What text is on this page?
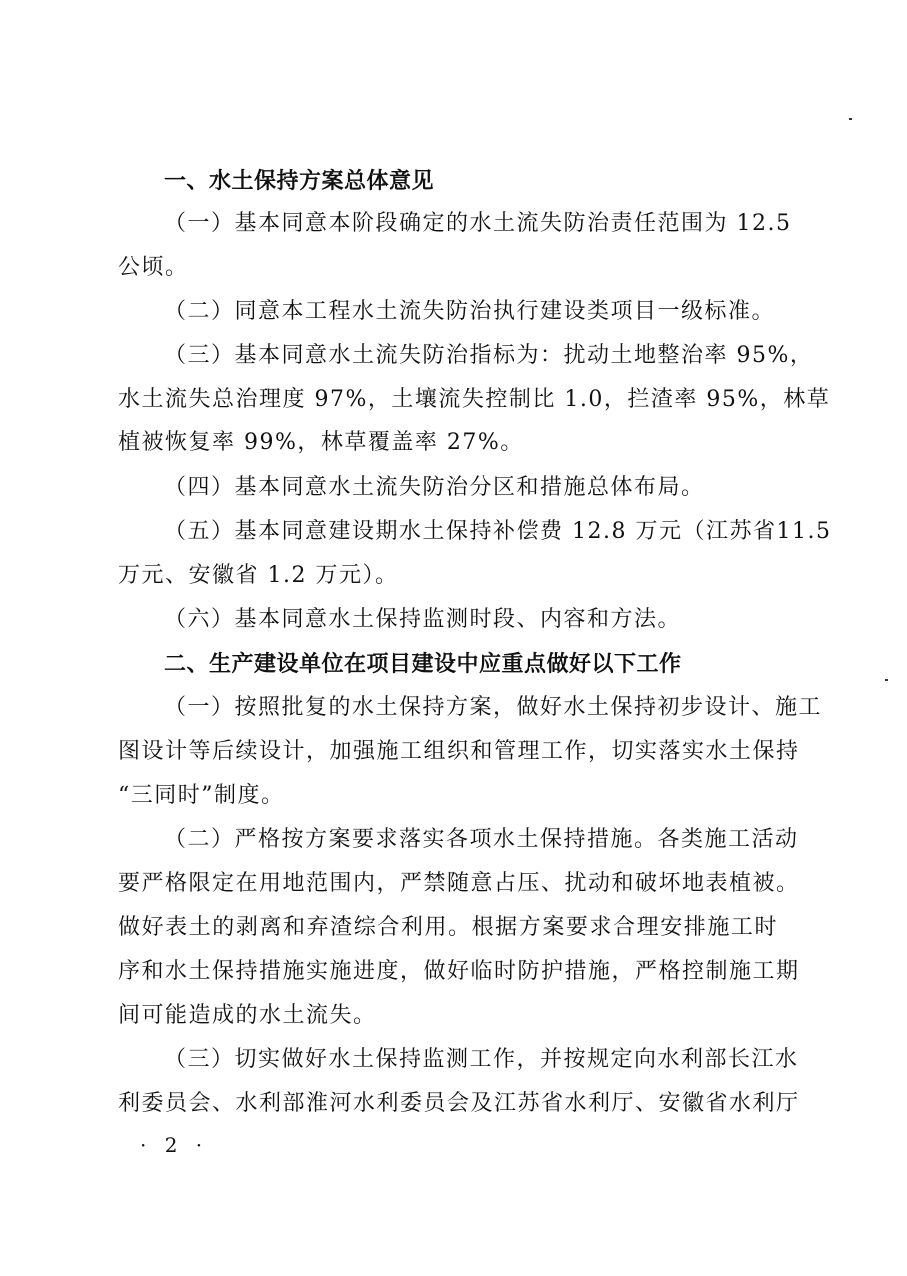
一、水土保持方案总体意见
（一）基本同意本阶段确定的水土流失防治责任范围为 12.5
公顷。
（二）同意本工程水土流失防治执行建设类项目一级标准。
（三）基本同意水土流失防治指标为：扰动土地整治率 95%，
水土流失总治理度 97%，土壤流失控制比 1.0，拦渣率 95%，林草
植被恢复率 99%，林草覆盖率 27%。
（四）基本同意水土流失防治分区和措施总体布局。
（五）基本同意建设期水土保持补偿费 12.8 万元（江苏省11.5
万元、安徽省 1.2 万元）。
（六）基本同意水土保持监测时段、内容和方法。
二、生产建设单位在项目建设中应重点做好以下工作
（一）按照批复的水土保持方案，做好水土保持初步设计、施工
图设计等后续设计，加强施工组织和管理工作，切实落实水土保持
“三同时”制度。
（二）严格按方案要求落实各项水土保持措施。各类施工活动
要严格限定在用地范围内，严禁随意占压、扰动和破坏地表植被。
做好表土的剥离和弃渣综合利用。根据方案要求合理安排施工时
序和水土保持措施实施进度，做好临时防护措施，严格控制施工期
间可能造成的水土流失。
（三）切实做好水土保持监测工作，并按规定向水利部长江水
利委员会、水利部淮河水利委员会及江苏省水利厅、安徽省水利厅
· 2 ·
